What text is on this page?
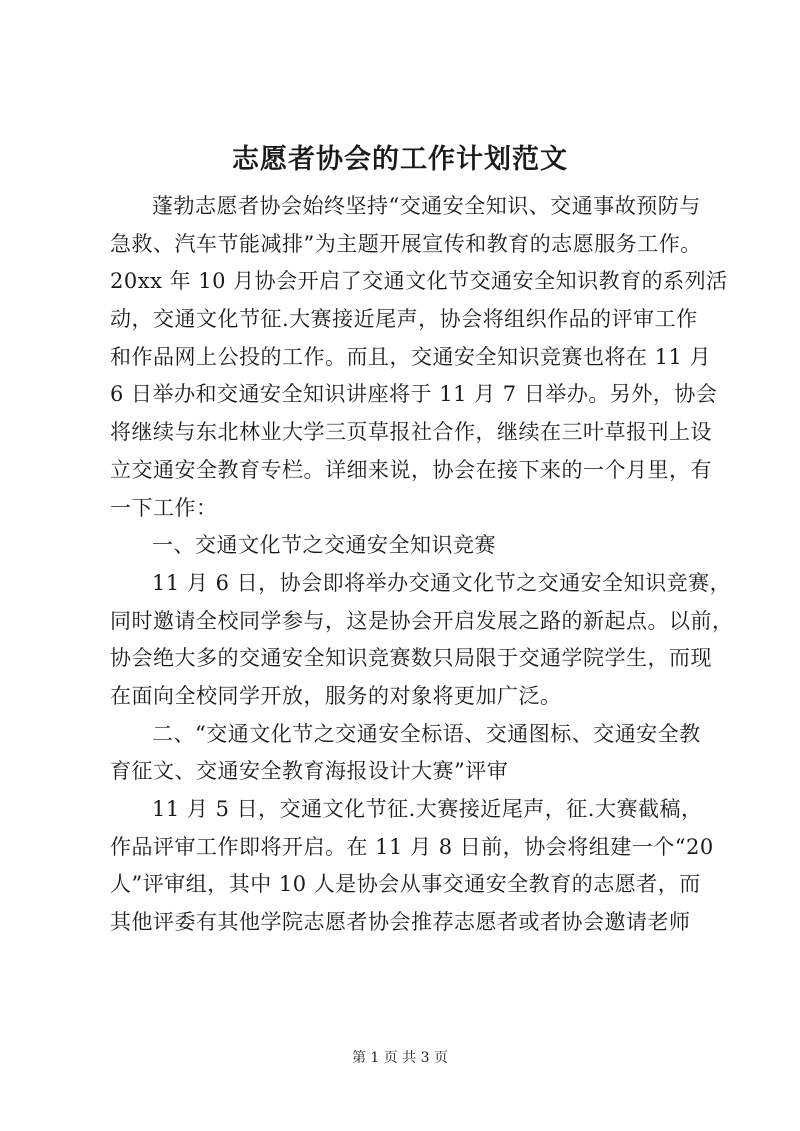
志愿者协会的工作计划范文
蓬勃志愿者协会始终坚持“交通安全知识、交通事故预防与
急救、汽车节能减排”为主题开展宣传和教育的志愿服务工作。
20xx 年 10 月协会开启了交通文化节交通安全知识教育的系列活
动，交通文化节征.大赛接近尾声，协会将组织作品的评审工作
和作品网上公投的工作。而且，交通安全知识竞赛也将在 11 月
6 日举办和交通安全知识讲座将于 11 月 7 日举办。另外，协会
将继续与东北林业大学三页草报社合作，继续在三叶草报刊上设
立交通安全教育专栏。详细来说，协会在接下来的一个月里，有
一下工作：
一、交通文化节之交通安全知识竞赛
11 月 6 日，协会即将举办交通文化节之交通安全知识竞赛，
同时邀请全校同学参与，这是协会开启发展之路的新起点。以前，
协会绝大多的交通安全知识竞赛数只局限于交通学院学生，而现
在面向全校同学开放，服务的对象将更加广泛。
二、“交通文化节之交通安全标语、交通图标、交通安全教
育征文、交通安全教育海报设计大赛”评审
11 月 5 日，交通文化节征.大赛接近尾声，征.大赛截稿，
作品评审工作即将开启。在 11 月 8 日前，协会将组建一个“20
人”评审组，其中 10 人是协会从事交通安全教育的志愿者，而
其他评委有其他学院志愿者协会推荐志愿者或者协会邀请老师
第 1 页 共 3 页
